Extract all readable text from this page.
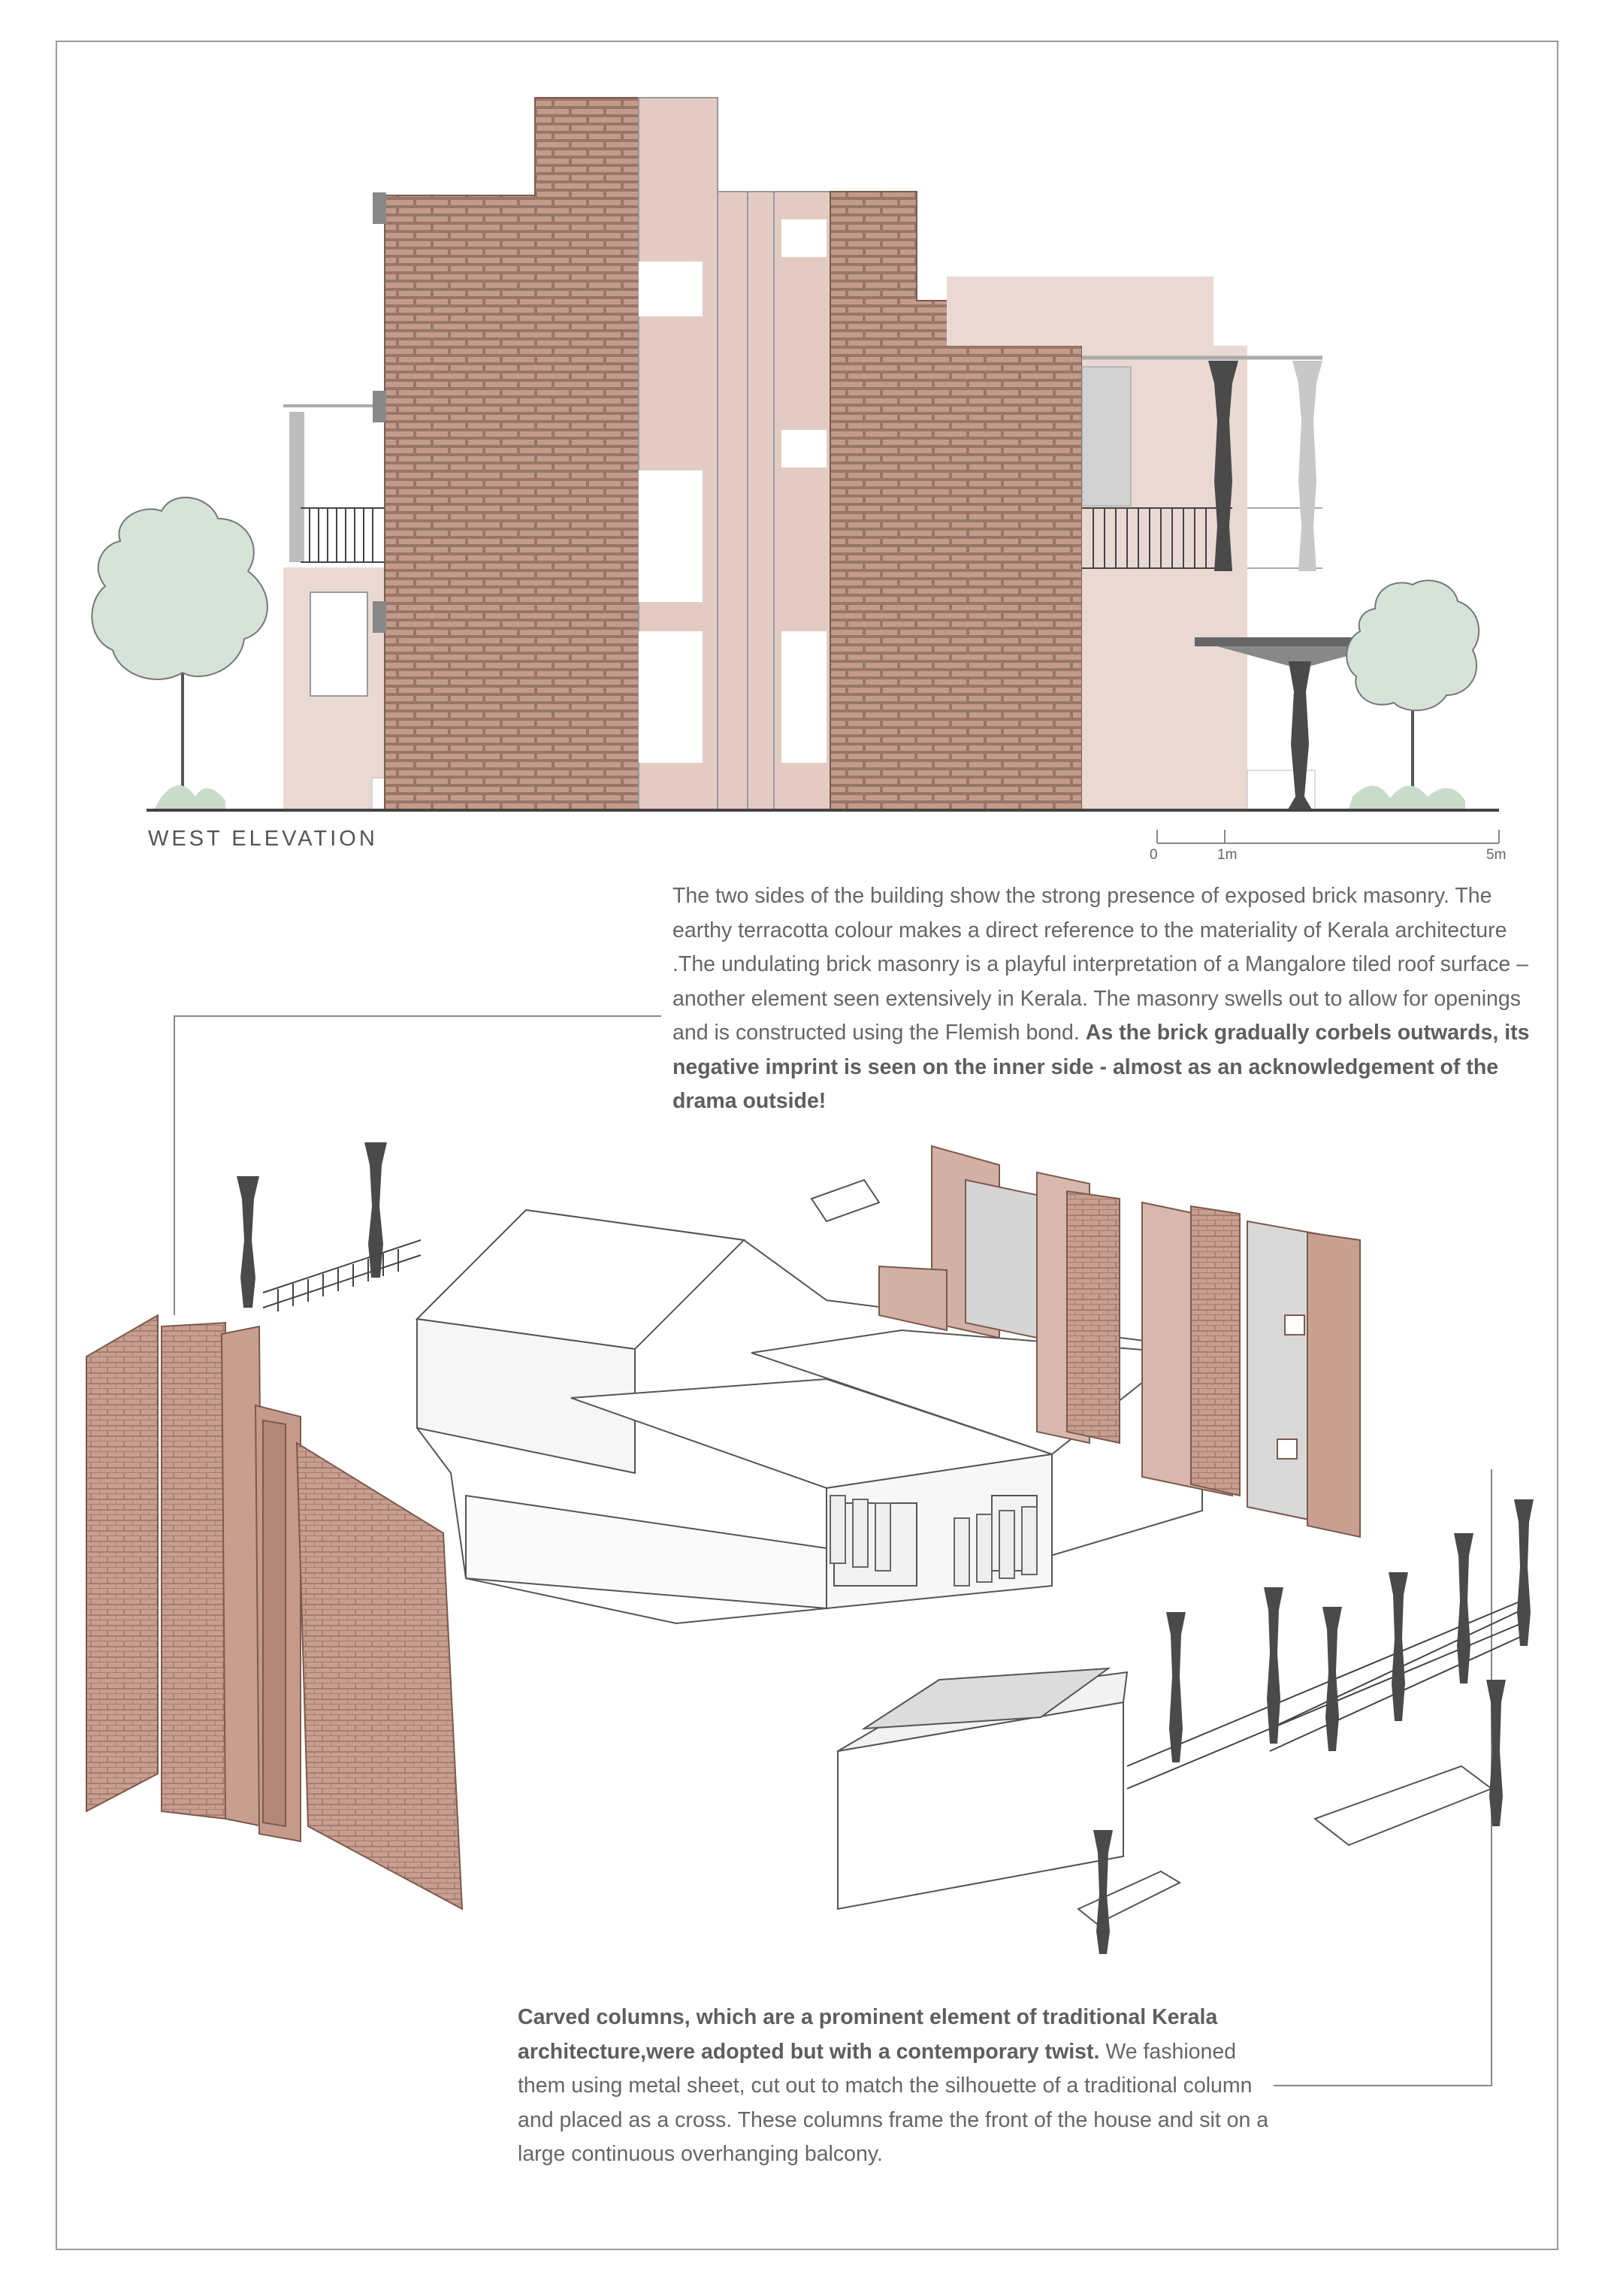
WEST ELEVATION
0	1m	5m

The two sides of the building show the strong presence of exposed brick masonry. The earthy terracotta colour makes a direct reference to the materiality of Kerala architecture .The undulating brick masonry is a playful interpretation of a Mangalore tiled roof surface – another element seen extensively in Kerala. The masonry swells out to allow for openings and is constructed using the Flemish bond. As the brick gradually corbels outwards, its negative imprint is seen on the inner side - almost as an acknowledgement of the drama outside!

Carved columns, which are a prominent element of traditional Kerala architecture,were adopted but with a contemporary twist. We fashioned them using metal sheet, cut out to match the silhouette of a traditional column and placed as a cross. These columns frame the front of the house and sit on a large continuous overhanging balcony.
